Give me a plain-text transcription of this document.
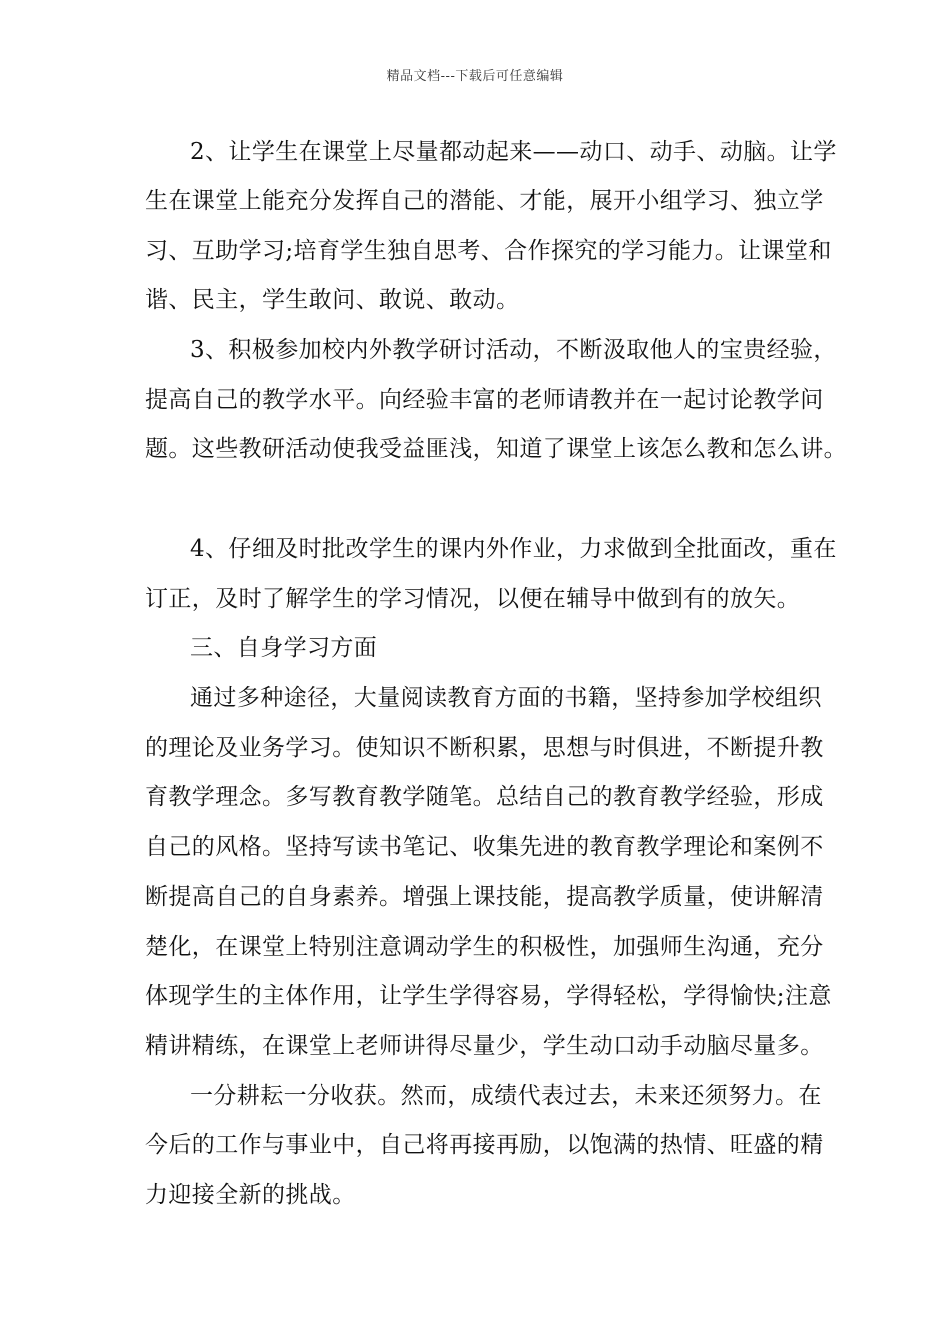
精品文档---下载后可任意编辑
2、让学生在课堂上尽量都动起来——动口、动手、动脑。让学
生在课堂上能充分发挥自己的潜能、才能，展开小组学习、独立学
习、互助学习;培育学生独自思考、合作探究的学习能力。让课堂和
谐、民主，学生敢问、敢说、敢动。
3、积极参加校内外教学研讨活动，不断汲取他人的宝贵经验，
提高自己的教学水平。向经验丰富的老师请教并在一起讨论教学问
题。这些教研活动使我受益匪浅，知道了课堂上该怎么教和怎么讲。
4、仔细及时批改学生的课内外作业，力求做到全批面改，重在
订正，及时了解学生的学习情况，以便在辅导中做到有的放矢。
三、自身学习方面
通过多种途径，大量阅读教育方面的书籍，坚持参加学校组织
的理论及业务学习。使知识不断积累，思想与时俱进，不断提升教
育教学理念。多写教育教学随笔。总结自己的教育教学经验，形成
自己的风格。坚持写读书笔记、收集先进的教育教学理论和案例不
断提高自己的自身素养。增强上课技能，提高教学质量，使讲解清
楚化，在课堂上特别注意调动学生的积极性，加强师生沟通，充分
体现学生的主体作用，让学生学得容易，学得轻松，学得愉快;注意
精讲精练，在课堂上老师讲得尽量少，学生动口动手动脑尽量多。
一分耕耘一分收获。然而，成绩代表过去，未来还须努力。在
今后的工作与事业中，自己将再接再励，以饱满的热情、旺盛的精
力迎接全新的挑战。
